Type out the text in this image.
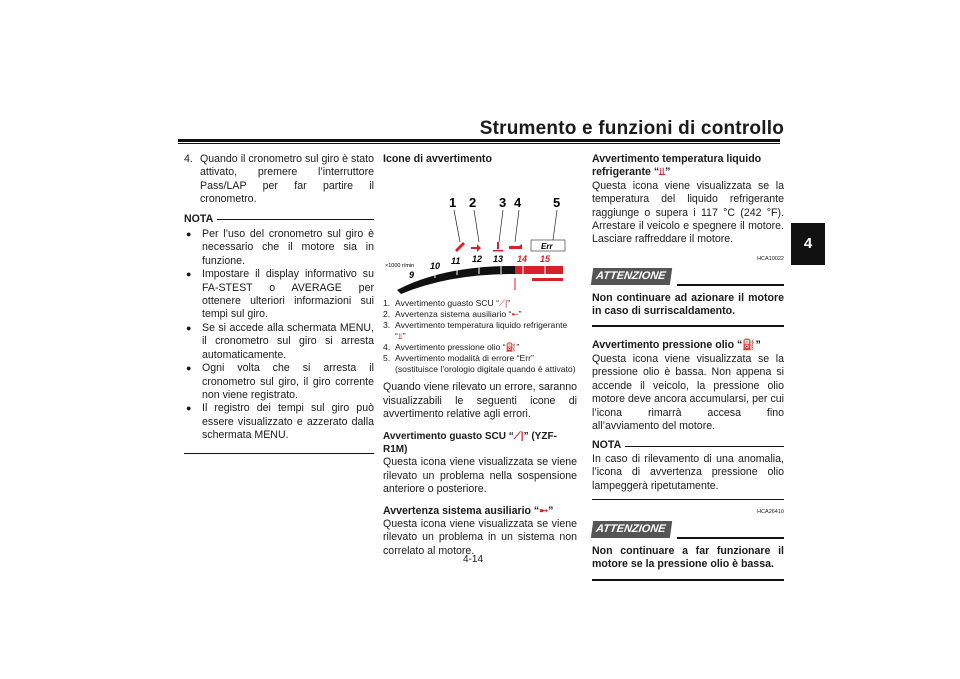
Strumento e funzioni di controllo
4
4. Quando il cronometro sul giro è stato attivato, premere l’interruttore Pass/LAP per far partire il cronometro.

NOTA
● Per l’uso del cronometro sul giro è necessario che il motore sia in funzione.

● Impostare il display informativo su FA-STEST o AVERAGE per ottenere ulteriori informazioni sui tempi sul giro.

● Se si accede alla schermata MENU, il cronometro sul giro si arresta automaticamente.

● Ogni volta che si arresta il cronometro sul giro, il giro corrente non viene registrato.

● Il registro dei tempi sul giro può essere visualizzato e azzerato dalla schermata MENU.

Icone di avvertimento
1 2 3 4 5
Err
×1000 r/min
9
10 11 12 13 14 15
1. Avvertimento guasto SCU “⟋|”
2. Avvertenza sistema ausiliario “➸”
3. Avvertimento temperatura liquido refrigerante “⫫”
4. Avvertimento pressione olio “⛽”
5. Avvertimento modalità di errore “Err” (sostituisce l’orologio digitale quando è attivato)

Quando viene rilevato un errore, saranno visualizzabili le seguenti icone di avvertimento relative agli errori.

Avvertimento guasto SCU “⟋|” (YZF-R1M)

Questa icona viene visualizzata se viene rilevato un problema nella sospensione anteriore o posteriore.

Avvertenza sistema ausiliario “➸”

Questa icona viene visualizzata se viene rilevato un problema in un sistema non correlato al motore.

Avvertimento temperatura liquido refrigerante “⫫”

Questa icona viene visualizzata se la temperatura del liquido refrigerante raggiunge o supera i 117 °C (242 °F). Arrestare il veicolo e spegnere il motore. Lasciare raffreddare il motore.

HCA10022
ATTENZIONE

Non continuare ad azionare il motore in caso di surriscaldamento.

Avvertimento pressione olio “⛽”

Questa icona viene visualizzata se la pressione olio è bassa. Non appena si accende il veicolo, la pressione olio motore deve ancora accumularsi, per cui l’icona rimarrà accesa fino all’avviamento del motore.

NOTA

In caso di rilevamento di una anomalia, l’icona di avvertenza pressione olio lampeggerà ripetutamente.

HCA26410
ATTENZIONE

Non continuare a far funzionare il motore se la pressione olio è bassa.

4-14
